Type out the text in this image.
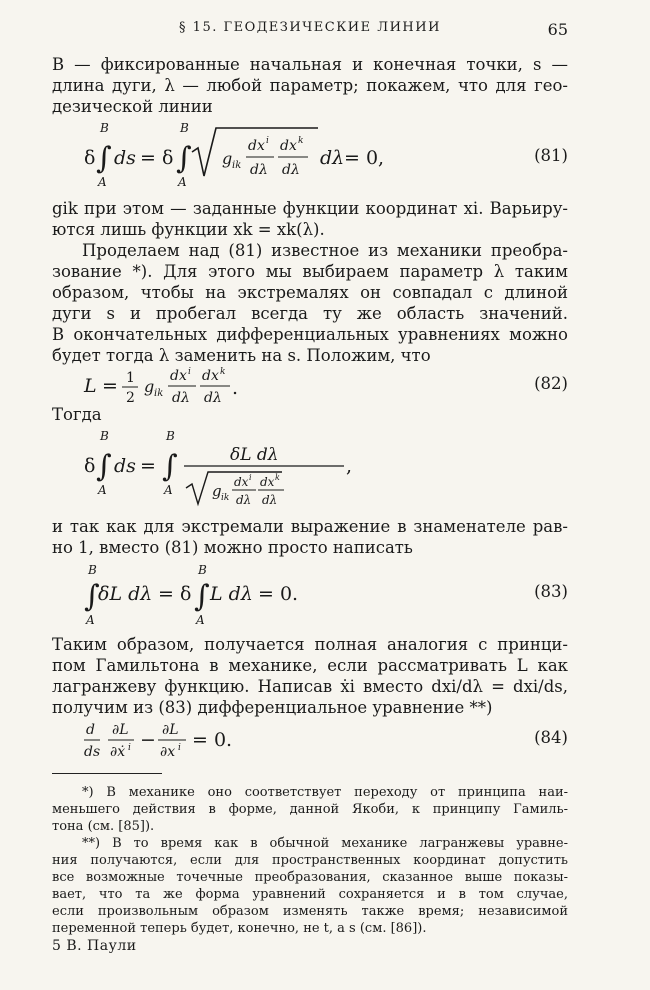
§ 15. ГЕОДЕЗИЧЕСКИЕ ЛИНИИ	65
B — фиксированные начальная и конечная точки, s —
длина дуги, λ — любой параметр; покажем, что для гео-
дезической линии
δ
B
∫
A
ds = δ
B
∫
A
g ik
dx i
dλ
dx k
dλ
dλ = 0,	(81)
gik при этом — заданные функции координат xi. Варьиру-
ются лишь функции xk = xk(λ).
Проделаем над (81) известное из механики преобра-
зование *). Для этого мы выбираем параметр λ таким
образом, чтобы на экстремалях он совпадал с длиной
дуги s и пробегал всегда ту же область значений.
В окончательных дифференциальных уравнениях можно
будет тогда λ заменить на s. Положим, что
L = 1
2
g ik
dx i
dλ
dx k
dλ .	(82)
Тогда
δ
B
∫
A
ds =
B
∫
A
δL dλ
g ik
dx i
dλ
dx k
dλ
,
и так как для экстремали выражение в знаменателе рав-
но 1, вместо (81) можно просто написать
B
∫
A
δL dλ = δ
B
∫
A
L dλ = 0.	(83)
Таким образом, получается полная аналогия с принци-
пом Гамильтона в механике, если рассматривать L как
лагранжеву функцию. Написав ẋi вместо dxi/dλ = dxi/ds,
получим из (83) дифференциальное уравнение **)
d
ds
∂L
∂ẋ i − ∂L
∂x i = 0.	(84)
*) В механике оно соответствует переходу от принципа наи-
меньшего действия в форме, данной Якоби, к принципу Гамиль-
тона (см. [85]).
**) В то время как в обычной механике лагранжевы уравне-
ния получаются, если для пространственных координат допустить
все возможные точечные преобразования, сказанное выше показы-
вает, что та же форма уравнений сохраняется и в том случае,
если произвольным образом изменять также время; независимой
переменной теперь будет, конечно, не t, а s (см. [86]).
5 В. Паули
